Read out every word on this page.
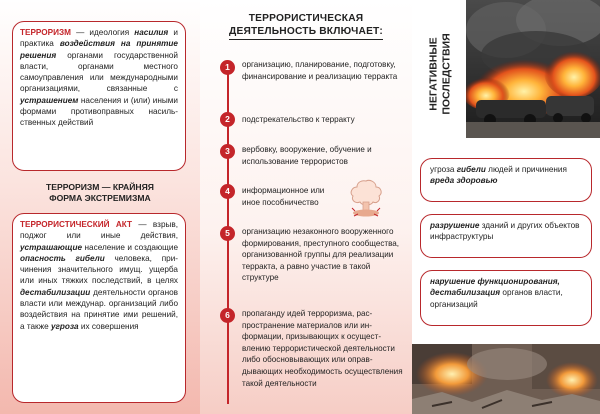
ТЕРРОРИЗМ — идеология насилия и практика воздействия на принятие решения органами государственной власти, органами местного самоуправления или международными организациями, связанные с устрашением населения и (или) иными формами противоправных насильственных действий
ТЕРРОРИЗМ — КРАЙНЯЯ
ФОРМА ЭКСТРЕМИЗМА
ТЕРРОРИСТИЧЕСКИЙ АКТ — взрыв, поджог или иные действия, устрашающие население и создающие опасность гибели человека, причинения значительного имущ. ущерба или иных тяжких последствий, в целях дестабилизации деятельности органов власти или междунар. организаций либо воздействия на принятие ими решений, а также угроза их совершения
ТЕРРОРИСТИЧЕСКАЯ
ДЕЯТЕЛЬНОСТЬ ВКЛЮЧАЕТ:
1	организацию, планирование, подготовку, финансирование и реализацию терракта
2	подстрекательство к терракту
3	вербовку, вооружение, обучение и использование террористов
4	информационное или иное пособничество
5	организацию незаконного вооруженного формирования, преступного сообщества, организованной группы для реализации терракта, а равно участие в такой структуре
6	пропаганду идей терроризма, распространение материалов или информации, призывающих к осуществлению террористической деятельности либо обосновывающих или оправдывающих необходимость осуществления такой деятельности
НЕГАТИВНЫЕ ПОСЛЕДСТВИЯ
угроза гибели людей и причинения вреда здоровью
разрушение зданий и других объектов инфраструктуры
нарушение функционирования, дестабилизация органов власти, организаций
